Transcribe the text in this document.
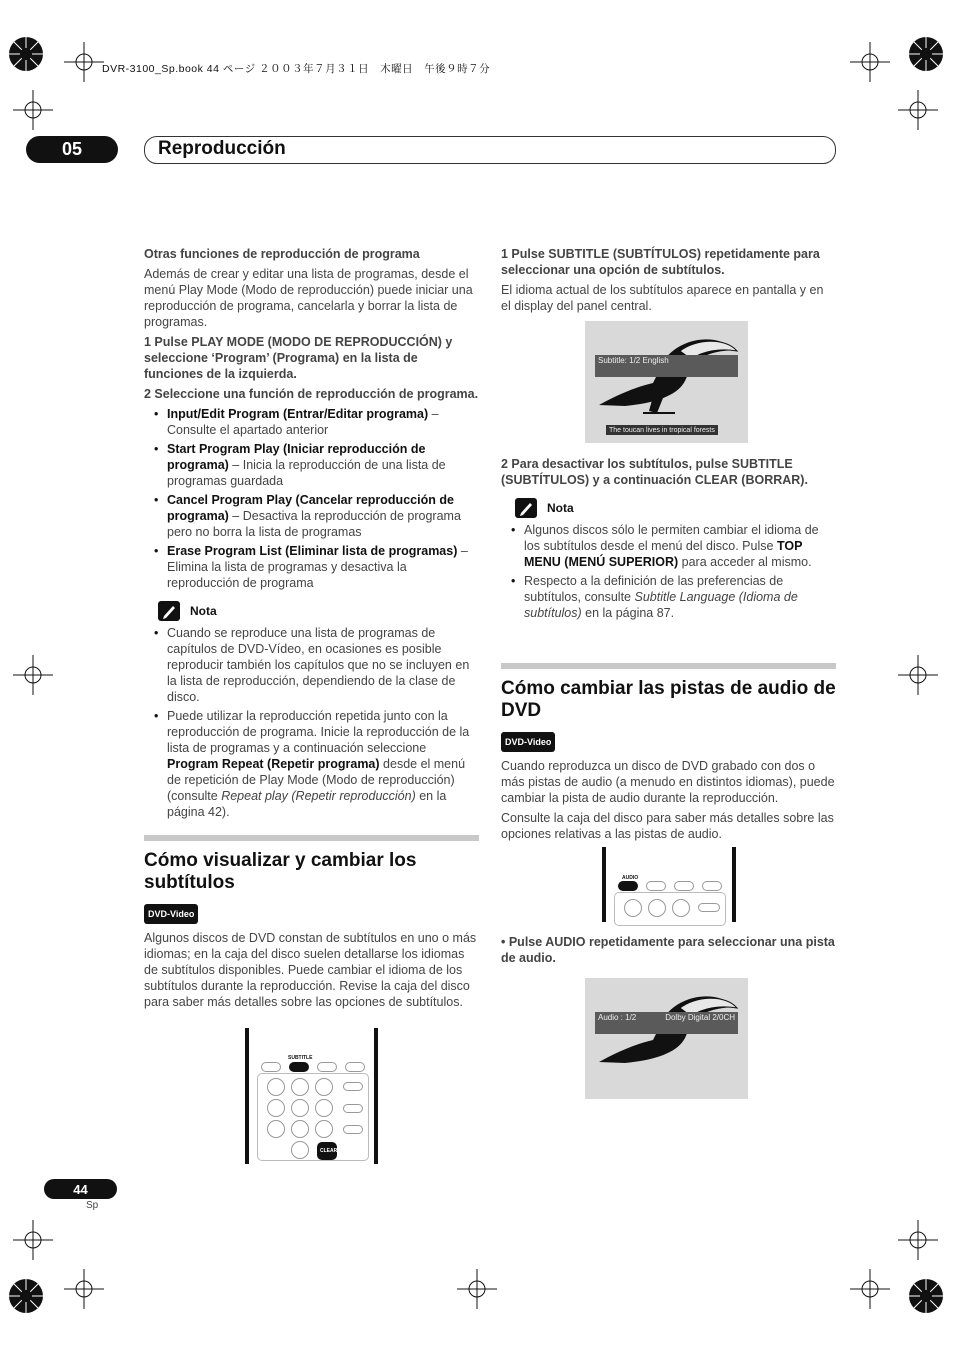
DVR-3100_Sp.book 44 ページ ２００３年７月３１日　木曜日　午後９時７分
05	Reproducción

Otras funciones de reproducción de programa

Además de crear y editar una lista de programas, desde el menú Play Mode (Modo de reproducción) puede iniciar una reproducción de programa, cancelarla y borrar la lista de programas.

1 Pulse PLAY MODE (MODO DE REPRODUCCIÓN) y seleccione ‘Program’ (Programa) en la lista de funciones de la izquierda.

2 Seleccione una función de reproducción de programa.

• Input/Edit Program (Entrar/Editar programa) – Consulte el apartado anterior
• Start Program Play (Iniciar reproducción de programa) – Inicia la reproducción de una lista de programas guardada
• Cancel Program Play (Cancelar reproducción de programa) – Desactiva la reproducción de programa pero no borra la lista de programas
• Erase Program List (Eliminar lista de programas) – Elimina la lista de programas y desactiva la reproducción de programa
Nota
• Cuando se reproduce una lista de programas de capítulos de DVD-Vídeo, en ocasiones es posible reproducir también los capítulos que no se incluyen en la lista de reproducción, dependiendo de la clase de disco.
• Puede utilizar la reproducción repetida junto con la reproducción de programa. Inicie la reproducción de la lista de programas y a continuación seleccione Program Repeat (Repetir programa) desde el menú de repetición de Play Mode (Modo de reproducción) (consulte Repeat play (Repetir reproducción) en la página 42).
Cómo visualizar y cambiar los subtítulos
DVD-Video

Algunos discos de DVD constan de subtítulos en uno o más idiomas; en la caja del disco suelen detallarse los idiomas de subtítulos disponibles. Puede cambiar el idioma de los subtítulos durante la reproducción. Revise la caja del disco para saber más detalles sobre las opciones de subtítulos.

SUBTITLE
CLEAR

1 Pulse SUBTITLE (SUBTÍTULOS) repetidamente para seleccionar una opción de subtítulos.

El idioma actual de los subtítulos aparece en pantalla y en el display del panel central.

Subtitle: 1/2 English
The toucan lives in tropical forests

2 Para desactivar los subtítulos, pulse SUBTITLE (SUBTÍTULOS) y a continuación CLEAR (BORRAR).

Nota
• Algunos discos sólo le permiten cambiar el idioma de los subtítulos desde el menú del disco. Pulse TOP MENU (MENÚ SUPERIOR) para acceder al mismo.
• Respecto a la definición de las preferencias de subtítulos, consulte Subtitle Language (Idioma de subtítulos) en la página 87.
Cómo cambiar las pistas de audio de DVD
DVD-Video

Cuando reproduzca un disco de DVD grabado con dos o más pistas de audio (a menudo en distintos idiomas), puede cambiar la pista de audio durante la reproducción.

Consulte la caja del disco para saber más detalles sobre las opciones relativas a las pistas de audio.

AUDIO

• Pulse AUDIO repetidamente para seleccionar una pista de audio.

Audio : 1/2	Dolby Digital 2/0CH
44
Sp
